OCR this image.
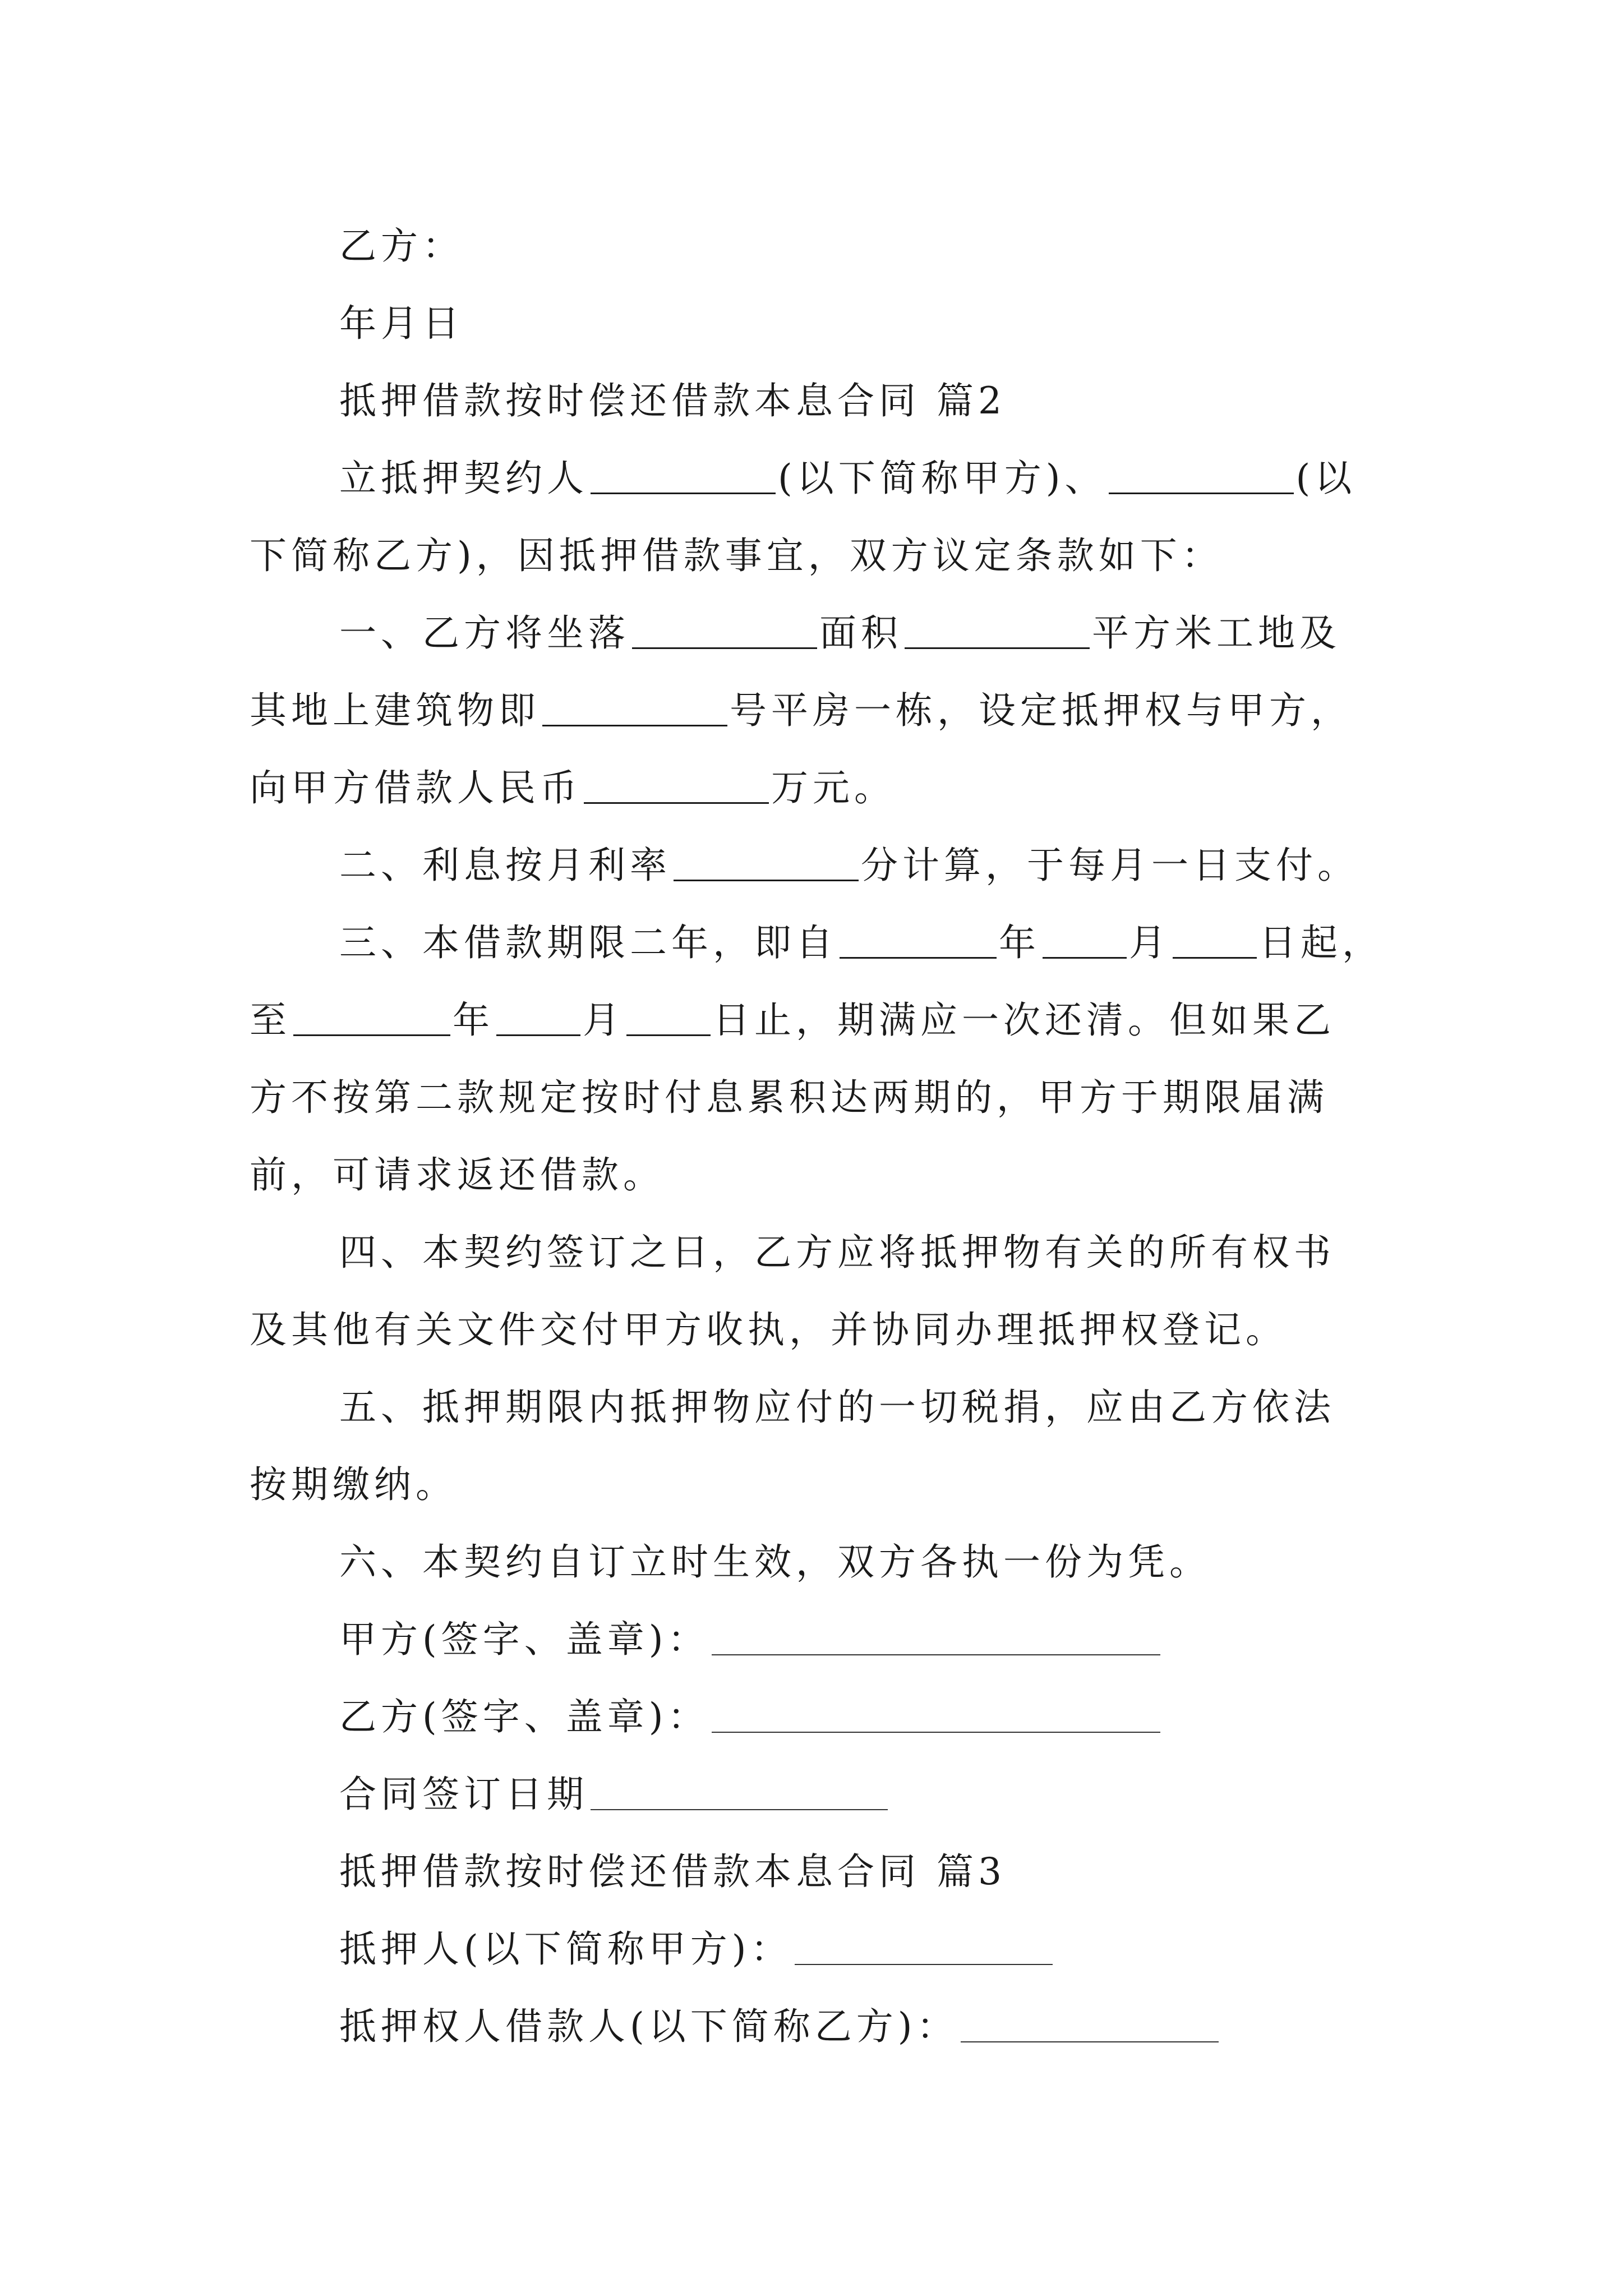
乙方：
年月日
抵押借款按时偿还借款本息合同 篇2
立抵押契约人	(以下简称甲方)、	(以
下简称乙方)，因抵押借款事宜，双方议定条款如下：
一、乙方将坐落	面积	平方米工地及
其地上建筑物即	号平房一栋，设定抵押权与甲方，
向甲方借款人民币	万元。
二、利息按月利率	分计算，于每月一日支付。
三、本借款期限二年，即自	年 月 日起，
至	年 月 日止，期满应一次还清。但如果乙
方不按第二款规定按时付息累积达两期的，甲方于期限届满
前，可请求返还借款。
四、本契约签订之日，乙方应将抵押物有关的所有权书
及其他有关文件交付甲方收执，并协同办理抵押权登记。
五、抵押期限内抵押物应付的一切税捐，应由乙方依法
按期缴纳。
六、本契约自订立时生效，双方各执一份为凭。
甲方(签字、盖章)：
乙方(签字、盖章)：
合同签订日期
抵押借款按时偿还借款本息合同 篇3
抵押人(以下简称甲方)：
抵押权人借款人(以下简称乙方)：
